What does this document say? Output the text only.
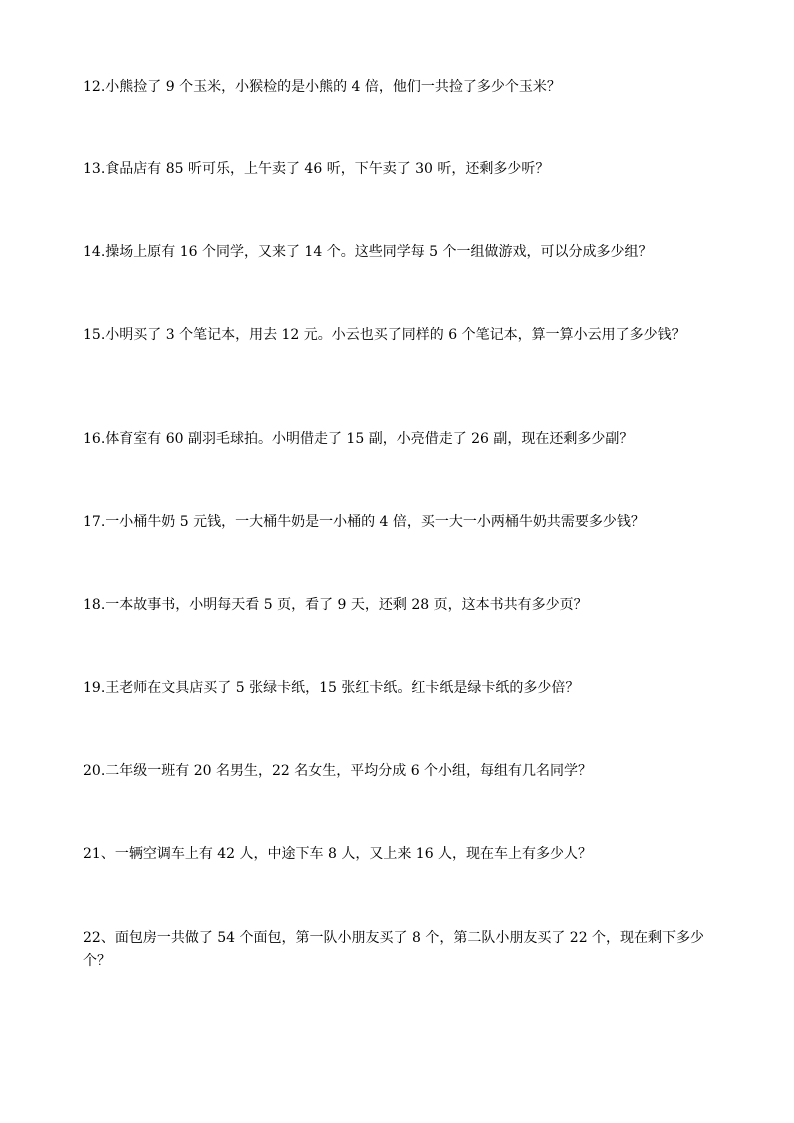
12.小熊捡了 9 个玉米，小猴检的是小熊的 4 倍，他们一共捡了多少个玉米？
13.食品店有 85 听可乐，上午卖了 46 听，下午卖了 30 听，还剩多少听？
14.操场上原有 16 个同学，又来了 14 个。这些同学每 5 个一组做游戏，可以分成多少组？
15.小明买了 3 个笔记本，用去 12 元。小云也买了同样的 6 个笔记本，算一算小云用了多少钱？
16.体育室有 60 副羽毛球拍。小明借走了 15 副，小亮借走了 26 副，现在还剩多少副？
17.一小桶牛奶 5 元钱，一大桶牛奶是一小桶的 4 倍，买一大一小两桶牛奶共需要多少钱？
18.一本故事书，小明每天看 5 页，看了 9 天，还剩 28 页，这本书共有多少页？
19.王老师在文具店买了 5 张绿卡纸，15 张红卡纸。红卡纸是绿卡纸的多少倍？
20.二年级一班有 20 名男生，22 名女生，平均分成 6 个小组，每组有几名同学？
21、一辆空调车上有 42 人，中途下车 8 人，又上来 16 人，现在车上有多少人？
22、面包房一共做了 54 个面包，第一队小朋友买了 8 个，第二队小朋友买了 22 个，现在剩下多少个？
